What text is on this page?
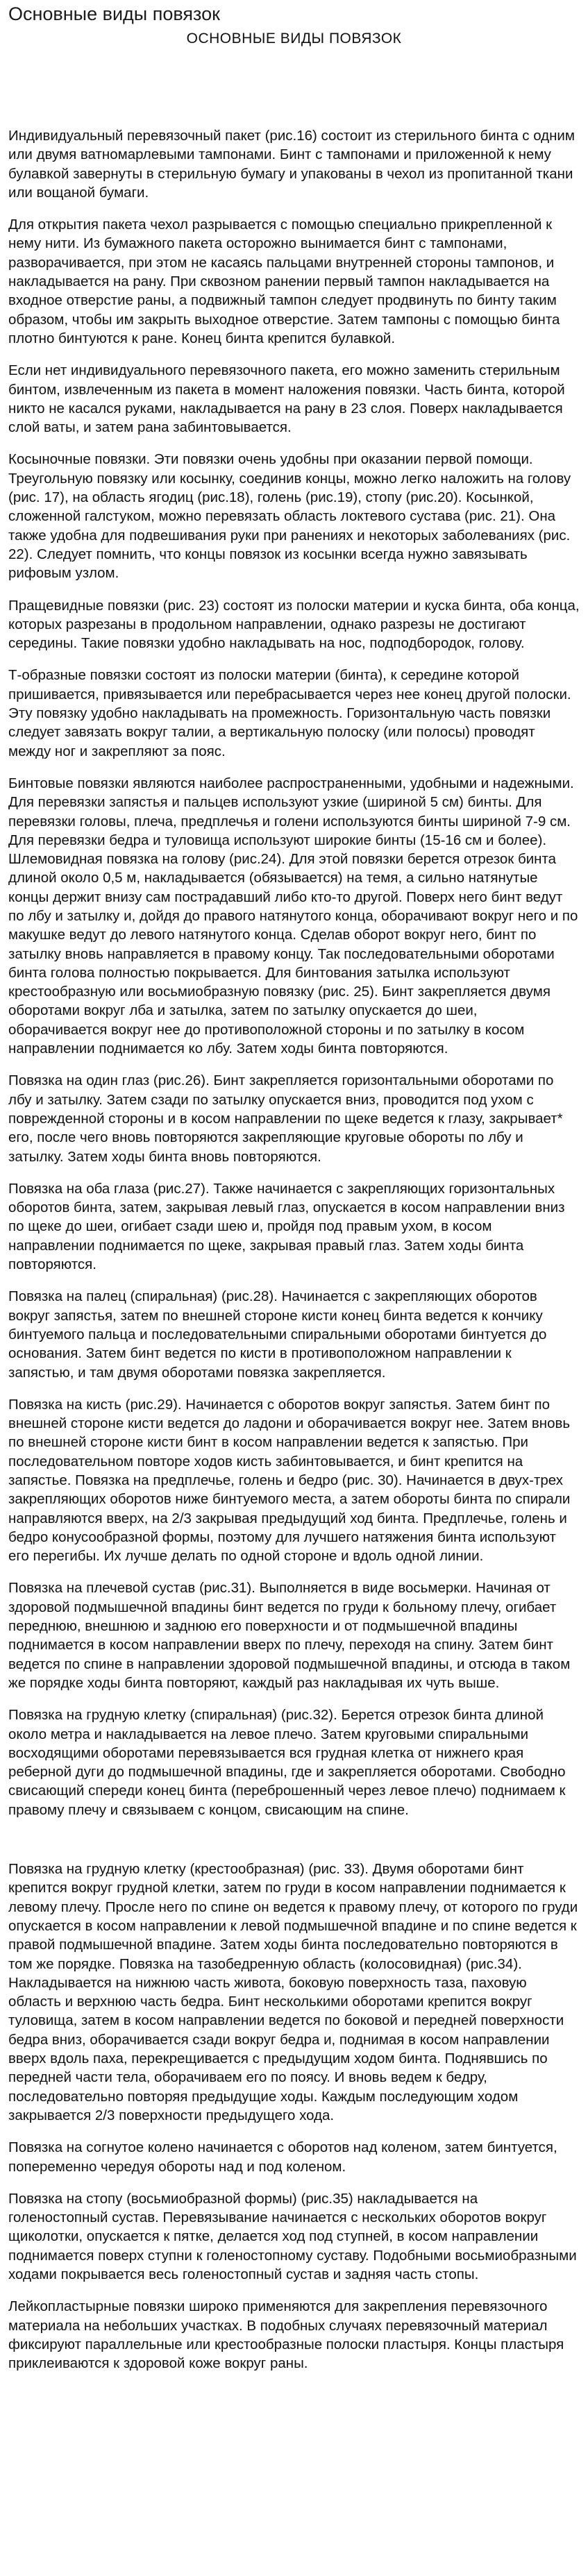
Основные виды повязок
ОСНОВНЫЕ ВИДЫ ПОВЯЗОК

Индивидуальный перевязочный пакет (рис.16) состоит из стерильного бинта с одним или двумя ватномарлевыми тампонами. Бинт с тампонами и приложенной к нему булавкой завернуты в стерильную бумагу и упакованы в чехол из пропитанной ткани или вощаной бумаги.

Для открытия пакета чехол разрывается с помощью специально прикрепленной к нему нити. Из бумажного пакета осторожно вынимается бинт с тампонами, разворачивается, при этом не касаясь пальцами внутренней стороны тампонов, и накладывается на рану. При сквозном ранении первый тампон накладывается на входное отверстие раны, а подвижный тампон следует продвинуть по бинту таким образом, чтобы им закрыть выходное отверстие. Затем тампоны с помощью бинта плотно бинтуются к ране. Конец бинта крепится булавкой.

Если нет индивидуального перевязочного пакета, его можно заменить стерильным бинтом, извлеченным из пакета в момент наложения повязки. Часть бинта, которой никто не касался руками, накладывается на рану в 23 слоя. Поверх накладывается слой ваты, и затем рана забинтовывается.

Косыночные повязки. Эти повязки очень удобны при оказании первой помощи. Треугольную повязку или косынку, соединив концы, можно легко наложить на голову (рис. 17), на область ягодиц (рис.18), голень (рис.19), стопу (рис.20). Косынкой, сложенной галстуком, можно перевязать область локтевого сустава (рис. 21). Она также удобна для подвешивания руки при ранениях и некоторых заболеваниях (рис. 22). Следует помнить, что концы повязок из косынки всегда нужно завязывать рифовым узлом.

Пращевидные повязки (рис. 23) состоят из полоски материи и куска бинта, оба конца, которых разрезаны в продольном направлении, однако разрезы не достигают середины. Такие повязки удобно накладывать на нос, подподбородок, голову.

Т-образные повязки состоят из полоски материи (бинта), к середине которой пришивается, привязывается или перебрасывается через нее конец другой полоски. Эту повязку удобно накладывать на промежность. Горизонтальную часть повязки следует завязать вокруг талии, а вертикальную полоску (или полосы) проводят между ног и закрепляют за пояс.

Бинтовые повязки являются наиболее распространенными, удобными и надежными. Для перевязки запястья и пальцев используют узкие (шириной 5 см) бинты. Для перевязки головы, плеча, предплечья и голени используются бинты шириной 7-9 см. Для перевязки бедра и туловища используют широкие бинты (15-16 см и более). Шлемовидная повязка на голову (рис.24). Для этой повязки берется отрезок бинта длиной около 0,5 м, накладывается (обязывается) на темя, а сильно натянутые концы держит внизу сам пострадавший либо кто-то другой. Поверх него бинт ведут по лбу и затылку и, дойдя до правого натянутого конца, оборачивают вокруг него и по макушке ведут до левого натянутого конца. Сделав оборот вокруг него, бинт по затылку вновь направляется в правому концу. Так последовательными оборотами бинта голова полностью покрывается. Для бинтования затылка используют крестообразную или восьмиобразную повязку (рис. 25). Бинт закрепляется двумя оборотами вокруг лба и затылка, затем по затылку опускается до шеи, оборачивается вокруг нее до противоположной стороны и по затылку в косом направлении поднимается ко лбу. Затем ходы бинта повторяются.

Повязка на один глаз (рис.26). Бинт закрепляется горизонтальными оборотами по лбу и затылку. Затем сзади по затылку опускается вниз, проводится под ухом с поврежденной стороны и в косом направлении по щеке ведется к глазу, закрывает* его, после чего вновь повторяются закрепляющие круговые обороты по лбу и затылку. Затем ходы бинта вновь повторяются.

Повязка на оба глаза (рис.27). Также начинается с закрепляющих горизонтальных оборотов бинта, затем, закрывая левый глаз, опускается в косом направлении вниз по щеке до шеи, огибает сзади шею и, пройдя под правым ухом, в косом направлении поднимается по щеке, закрывая правый глаз. Затем ходы бинта повторяются.

Повязка на палец (спиральная) (рис.28). Начинается с закрепляющих оборотов вокруг запястья, затем по внешней стороне кисти конец бинта ведется к кончику бинтуемого пальца и последовательными спиральными оборотами бинтуется до основания. Затем бинт ведется по кисти в противоположном направлении к запястью, и там двумя оборотами повязка закрепляется.

Повязка на кисть (рис.29). Начинается с оборотов вокруг запястья. Затем бинт по внешней стороне кисти ведется до ладони и оборачивается вокруг нее. Затем вновь по внешней стороне кисти бинт в косом направлении ведется к запястью. При последовательном повторе ходов кисть забинтовывается, и бинт крепится на запястье. Повязка на предплечье, голень и бедро (рис. 30). Начинается в двух-трех закрепляющих оборотов ниже бинтуемого места, а затем обороты бинта по спирали направляются вверх, на 2/3 закрывая предыдущий ход бинта. Предплечье, голень и бедро конусообразной формы, поэтому для лучшего натяжения бинта используют его перегибы. Их лучше делать по одной стороне и вдоль одной линии.

Повязка на плечевой сустав (рис.31). Выполняется в виде восьмерки. Начиная от здоровой подмышечной впадины бинт ведется по груди к больному плечу, огибает переднюю, внешнюю и заднюю его поверхности и от подмышечной впадины поднимается в косом направлении вверх по плечу, переходя на спину. Затем бинт ведется по спине в направлении здоровой подмышечной впадины, и отсюда в таком же порядке ходы бинта повторяют, каждый раз накладывая их чуть выше.

Повязка на грудную клетку (спиральная) (рис.32). Берется отрезок бинта длиной около метра и накладывается на левое плечо. Затем круговыми спиральными восходящими оборотами перевязывается вся грудная клетка от нижнего края реберной дуги до подмышечной впадины, где и закрепляется оборотами. Свободно свисающий спереди конец бинта (переброшенный через левое плечо) поднимаем к правому плечу и связываем с концом, свисающим на спине.

Повязка на грудную клетку (крестообразная) (рис. 33). Двумя оборотами бинт крепится вокруг грудной клетки, затем по груди в косом направлении поднимается к левому плечу. Просле него по спине он ведется к правому плечу, от которого по груди опускается в косом направлении к левой подмышечной впадине и по спине ведется к правой подмышечной впадине. Затем ходы бинта последовательно повторяются в том же порядке. Повязка на тазобедренную область (колосовидная) (рис.34). Накладывается на нижнюю часть живота, боковую поверхность таза, паховую область и верхнюю часть бедра. Бинт несколькими оборотами крепится вокруг туловища, затем в косом направлении ведется по боковой и передней поверхности бедра вниз, оборачивается сзади вокруг бедра и, поднимая в косом направлении вверх вдоль паха, перекрещивается с предыдущим ходом бинта. Поднявшись по передней части тела, оборачиваем его по поясу. И вновь ведем к бедру, последовательно повторяя предыдущие ходы. Каждым последующим ходом закрывается 2/3 поверхности предыдущего хода.

Повязка на согнутое колено начинается с оборотов над коленом, затем бинтуется, попеременно чередуя обороты над и под коленом.

Повязка на стопу (восьмиобразной формы) (рис.35) накладывается на голеностопный сустав. Перевязывание начинается с нескольких оборотов вокруг щиколотки, опускается к пятке, делается ход под ступней, в косом направлении поднимается поверх ступни к голеностопному суставу. Подобными восьмиобразными ходами покрывается весь голеностопный сустав и задняя часть стопы.

Лейкопластырные повязки широко применяются для закрепления перевязочного материала на небольших участках. В подобных случаях перевязочный материал фиксируют параллельные или крестообразные полоски пластыря. Концы пластыря приклеиваются к здоровой коже вокруг раны.
